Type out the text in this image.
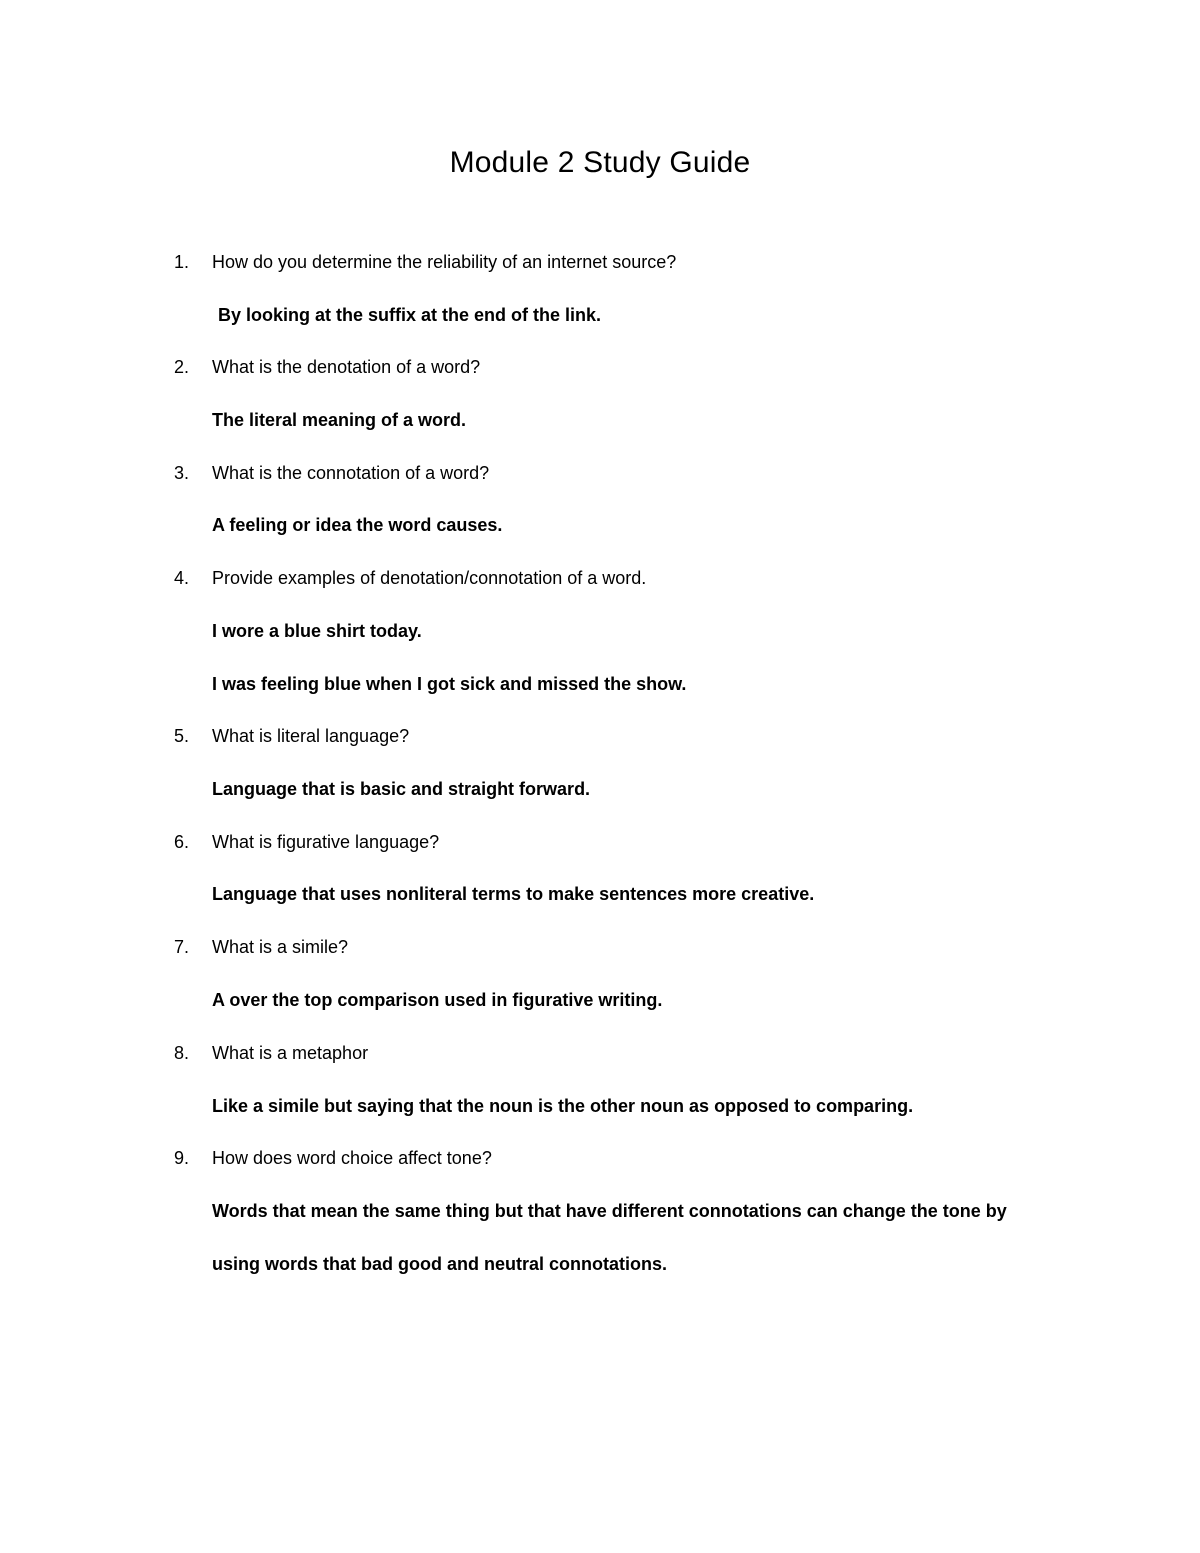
Module 2 Study Guide
1. How do you determine the reliability of an internet source?

By looking at the suffix at the end of the link.

2. What is the denotation of a word?

The literal meaning of a word.

3. What is the connotation of a word?

A feeling or idea the word causes.

4. Provide examples of denotation/connotation of a word.

I wore a blue shirt today.

I was feeling blue when I got sick and missed the show.

5. What is literal language?

Language that is basic and straight forward.

6. What is figurative language?

Language that uses nonliteral terms to make sentences more creative.

7. What is a simile?

A over the top comparison used in figurative writing.

8. What is a metaphor

Like a simile but saying that the noun is the other noun as opposed to comparing.

9. How does word choice affect tone?

Words that mean the same thing but that have different connotations can change the tone by

using words that bad good and neutral connotations.
